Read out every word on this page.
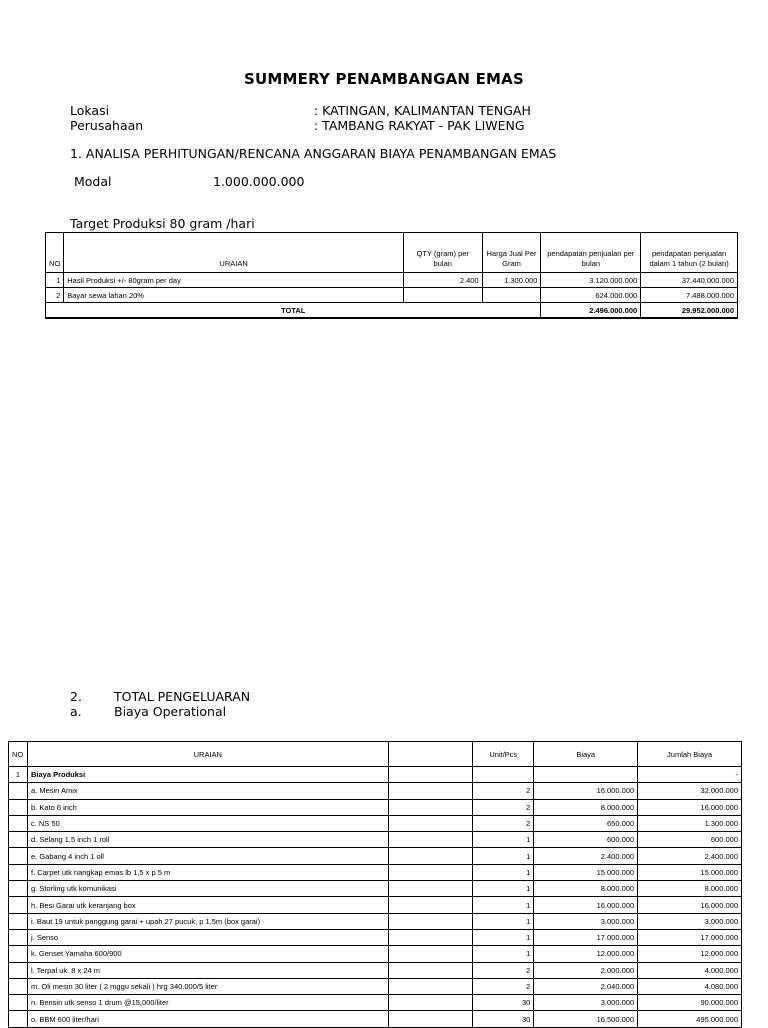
SUMMERY PENAMBANGAN EMAS
Lokasi	: KATINGAN, KALIMANTAN TENGAH
Perusahaan	: TAMBANG RAKYAT - PAK LIWENG
1. ANALISA PERHITUNGAN/RENCANA ANGGARAN BIAYA PENAMBANGAN EMAS
Modal	1.000.000.000
Target Produksi 80 gram /hari
NO	URAIAN	QTY (gram) per bulan	Harga Jual Per Gram	pendapatan penjualan per bulan	pendapatan penjualan dalam 1 tahun (2 bulan)
1	Hasil Produksi +/- 80gram per day	2.400	1.300.000	3.120.000.000	37.440.000.000
2	Bayar sewa lahan 20%			624.000.000	7.488.000.000
TOTAL				2.496.000.000	29.952.000.000
2.	TOTAL PENGELUARAN
a.	Biaya Operational
NO	URAIAN		Unit/Pcs	Biaya	Jumlah Biaya
1	Biaya Produksi				-
	a. Mesin Amix		2	16.000.000	32.000.000
	b. Kato 6 inch		2	8.000.000	16.000.000
	c. NS 50		2	650.000	1.300.000
	d. Selang 1,5 inch 1 roll		1	600.000	600.000
	e. Gabang 4 inch 1 oll		1	2.400.000	2.400.000
	f. Carpet utk nangkap emas lb 1,5 x p 5 m		1	15.000.000	15.000.000
	g. Storling utk komunikasi		1	8.000.000	8.000.000
	h. Besi Garai utk keranjang box		1	16.000.000	16.000.000
	i. Baut 19 untuk panggung garai + upah 27 pucuk, p 1,5m (box garai)		1	3.000.000	3.000.000
	j. Senso		1	17.000.000	17.000.000
	k. Genset Yamaha 600/900		1	12.000.000	12.000.000
	l. Terpal uk. 8 x 24 m		2	2.000.000	4.000.000
	m. Oli mesin 30 liter ( 2 mggu sekali ) hrg 340.000/5 liter		2	2.040.000	4.080.000
	n. Bensin utk senso 1 drum @15,000/liter		30	3.000.000	90.000.000
	o. BBM 600 liter/hari		30	16.500.000	495.000.000
